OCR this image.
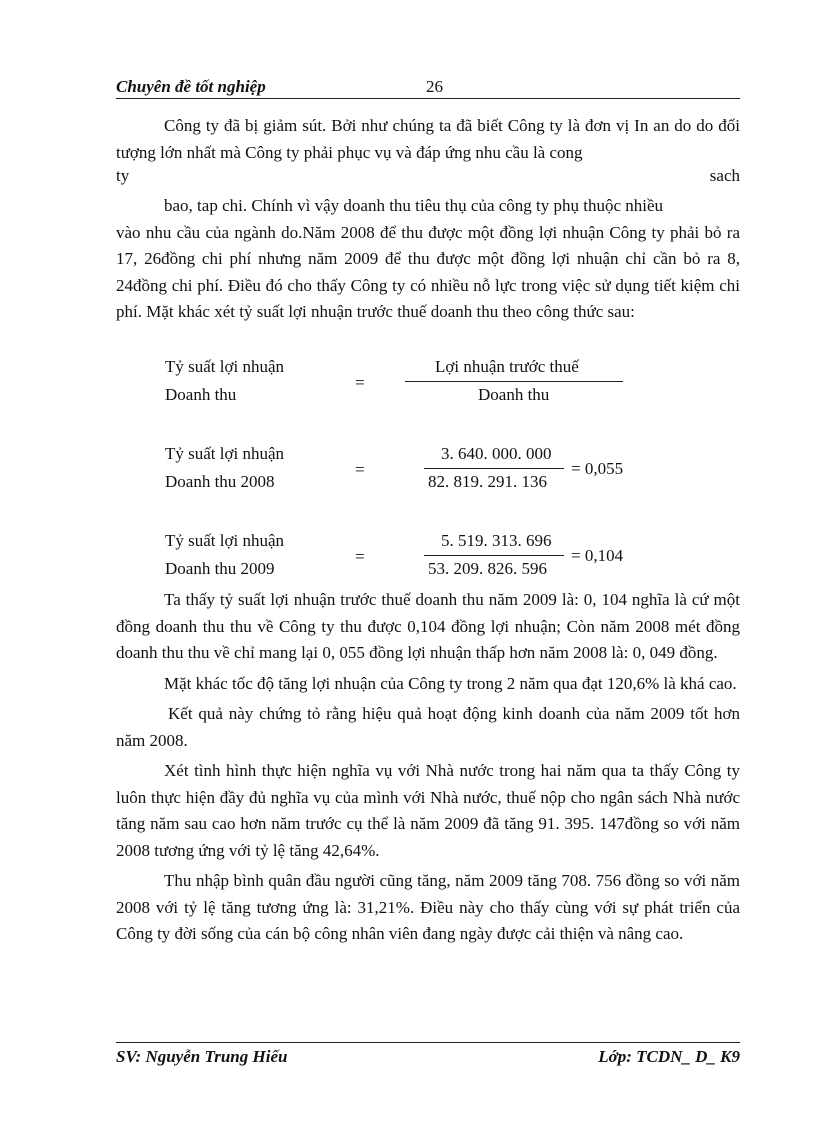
Chuyên đề tốt nghiệp	26

Công ty đã bị giảm sút. Bởi như chúng ta đã biết Công ty là đơn vị In an do do đối tượng lớn nhất mà Công ty phải phục vụ và đáp ứng nhu cầu là cong

ty	sach

bao, tap chi. Chính vì vậy doanh thu tiêu thụ của công ty phụ thuộc nhiều

vào nhu cầu của ngành do.Năm 2008 để thu được một đồng lợi nhuận Công ty phải bỏ ra 17, 26đồng chi phí nhưng năm 2009 để thu được một đồng lợi nhuận chỉ cần bỏ ra 8, 24đồng chi phí. Điều đó cho thấy Công ty có nhiều nỗ lực trong việc sử dụng tiết kiệm chi phí. Mặt khác xét tỷ suất lợi nhuận trước thuế doanh thu theo công thức sau:

Tỷ suất lợi nhuận
Doanh thu
=
Lợi nhuận trước thuế
Doanh thu
Tỷ suất lợi nhuận
Doanh thu 2008
=
3. 640. 000. 000
82. 819. 291. 136
= 0,055
Tỷ suất lợi nhuận
Doanh thu 2009
=
5. 519. 313. 696
53. 209. 826. 596
= 0,104

Ta thấy tỷ suất lợi nhuận trước thuế doanh thu năm 2009 là: 0, 104 nghĩa là cứ một đồng doanh thu thu về Công ty thu được 0,104 đồng lợi nhuận; Còn năm 2008 mét đồng doanh thu thu về chỉ mang lại 0, 055 đồng lợi nhuận thấp hơn năm 2008 là: 0, 049 đồng.

Mặt khác tốc độ tăng lợi nhuận của Công ty trong 2 năm qua đạt 120,6% là khá cao.

Kết quả này chứng tỏ rằng hiệu quả hoạt động kinh doanh của năm 2009 tốt hơn năm 2008.

Xét tình hình thực hiện nghĩa vụ với Nhà nước trong hai năm qua ta thấy Công ty luôn thực hiện đầy đủ nghĩa vụ của mình với Nhà nước, thuế nộp cho ngân sách Nhà nước tăng năm sau cao hơn năm trước cụ thể là năm 2009 đã tăng 91. 395. 147đồng so với năm 2008 tương ứng với tỷ lệ tăng 42,64%.

Thu nhập bình quân đầu người cũng tăng, năm 2009 tăng 708. 756 đồng so với năm 2008 với tỷ lệ tăng tương ứng là: 31,21%. Điều này cho thấy cùng với sự phát triển của Công ty đời sống của cán bộ công nhân viên đang ngày được cải thiện và nâng cao.

SV: Nguyễn Trung Hiếu	Lớp: TCDN_ D_ K9
